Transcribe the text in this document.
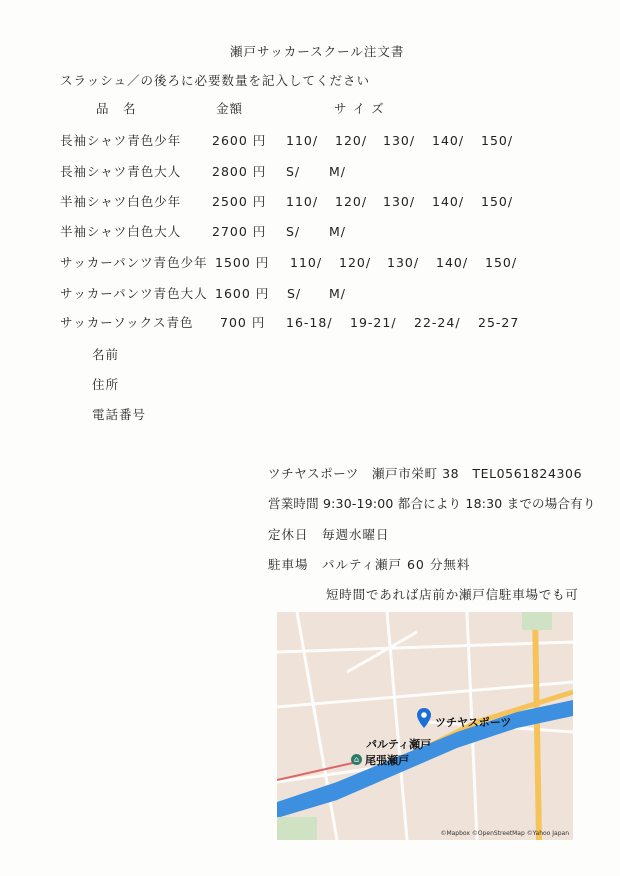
瀬戸サッカースクール注文書
スラッシュ／の後ろに必要数量を記入してください
品　名	金額	サ イ ズ
長袖シャツ青色少年 2600 円 110/ 120/ 130/ 140/ 150/
長袖シャツ青色大人 2800 円 S/ M/
半袖シャツ白色少年 2500 円 110/ 120/ 130/ 140/ 150/
半袖シャツ白色大人 2700 円 S/ M/
サッカーパンツ青色少年 1500 円 110/ 120/ 130/ 140/ 150/
サッカーパンツ青色大人 1600 円 S/ M/
サッカーソックス青色 700 円 16-18/ 19-21/ 22-24/ 25-27
名前
住所
電話番号
ツチヤスポーツ　瀬戸市栄町 38　TEL0561824306
営業時間 9:30-19:00 都合により 18:30 までの場合有り
定休日　毎週水曜日
駐車場　パルティ瀬戸 60 分無料
短時間であれば店前か瀬戸信駐車場でも可
ツチヤスポーツ
パルティ瀬戸
⌂ 尾張瀬戸
©Mapbox ©OpenStreetMap ©Yahoo Japan
